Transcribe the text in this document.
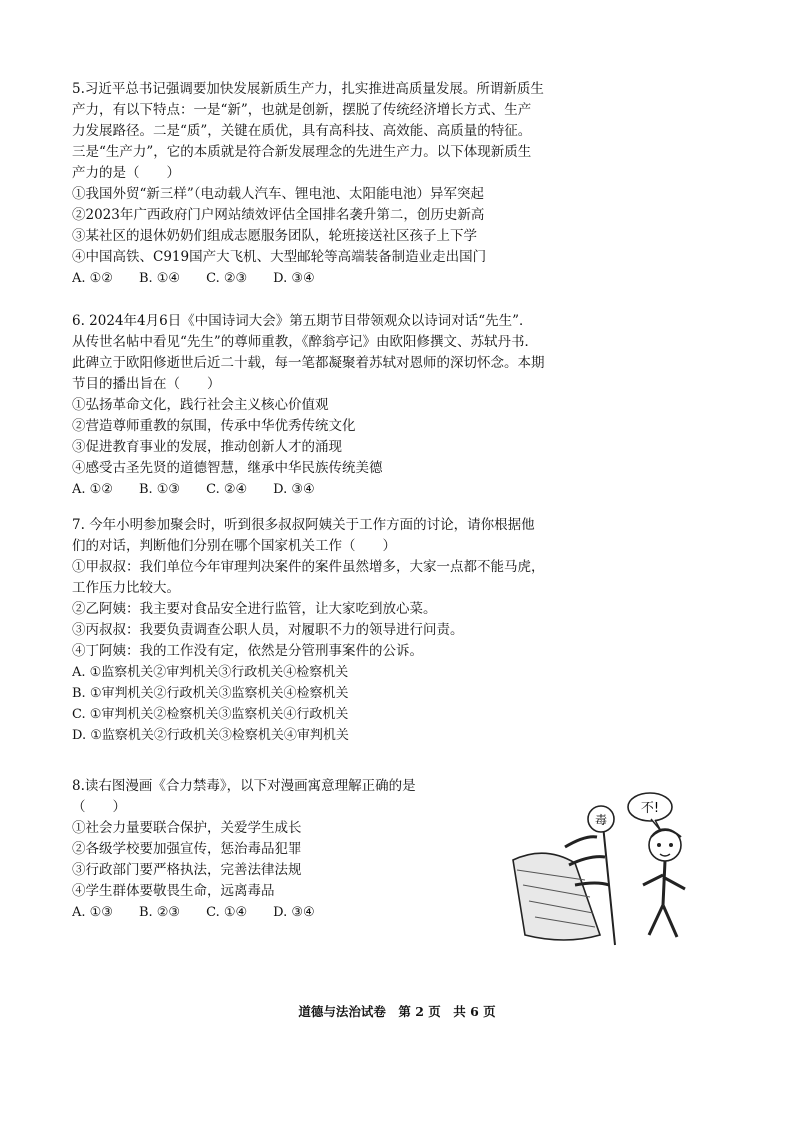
5.习近平总书记强调要加快发展新质生产力，扎实推进高质量发展。所谓新质生
产力，有以下特点：一是“新”，也就是创新，摆脱了传统经济增长方式、生产
力发展路径。二是“质”，关键在质优，具有高科技、高效能、高质量的特征。
三是“生产力”，它的本质就是符合新发展理念的先进生产力。以下体现新质生
产力的是（　　）
①我国外贸“新三样”（电动载人汽车、锂电池、太阳能电池）异军突起
②2023年广西政府门户网站绩效评估全国排名袭升第二，创历史新高
③某社区的退休奶奶们组成志愿服务团队，轮班接送社区孩子上下学
④中国高铁、C919国产大飞机、大型邮轮等高端装备制造业走出国门
A. ①②　　B. ①④　　C. ②③　　D. ③④
6. 2024年4月6日《中国诗词大会》第五期节目带领观众以诗词对话“先生”．
从传世名帖中看见“先生”的尊师重教，《醉翁亭记》由欧阳修撰文、苏轼丹书．
此碑立于欧阳修逝世后近二十载，每一笔都凝聚着苏轼对恩师的深切怀念。本期
节目的播出旨在（　　）
①弘扬革命文化，践行社会主义核心价值观
②营造尊师重教的氛围，传承中华优秀传统文化
③促进教育事业的发展，推动创新人才的涌现
④感受古圣先贤的道德智慧，继承中华民族传统美德
A. ①②　　B. ①③　　C. ②④　　D. ③④
7. 今年小明参加聚会时，听到很多叔叔阿姨关于工作方面的讨论，请你根据他
们的对话，判断他们分别在哪个国家机关工作（　　）
①甲叔叔：我们单位今年审理判决案件的案件虽然增多，大家一点都不能马虎，
工作压力比较大。
②乙阿姨：我主要对食品安全进行监管，让大家吃到放心菜。
③丙叔叔：我要负责调查公职人员，对履职不力的领导进行问责。
④丁阿姨：我的工作没有定，依然是分管刑事案件的公诉。
A. ①监察机关②审判机关③行政机关④检察机关
B. ①审判机关②行政机关③监察机关④检察机关
C. ①审判机关②检察机关③监察机关④行政机关
D. ①监察机关②行政机关③检察机关④审判机关
8.读右图漫画《合力禁毒》，以下对漫画寓意理解正确的是
（　　）
①社会力量要联合保护，关爱学生成长
②各级学校要加强宣传，惩治毒品犯罪
③行政部门要严格执法，完善法律法规
④学生群体要敬畏生命，远离毒品
A. ①③　　B. ②③　　C. ①④　　D. ③④
毒
不!
道德与法治试卷　第 2 页　共 6 页
